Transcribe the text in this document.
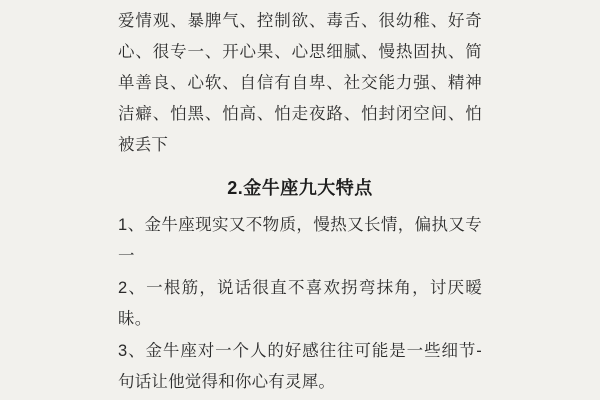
爱情观、暴脾气、控制欲、毒舌、很幼稚、好奇心、很专一、开心果、心思细腻、慢热固执、简单善良、心软、自信有自卑、社交能力强、精神洁癖、怕黑、怕高、怕走夜路、怕封闭空间、怕被丢下

2.金牛座九大特点

1、金牛座现实又不物质，慢热又长情，偏执又专一

2、一根筋，说话很直不喜欢拐弯抹角，讨厌暧昧。

3、金牛座对一个人的好感往往可能是一些细节-句话让他觉得和你心有灵犀。
